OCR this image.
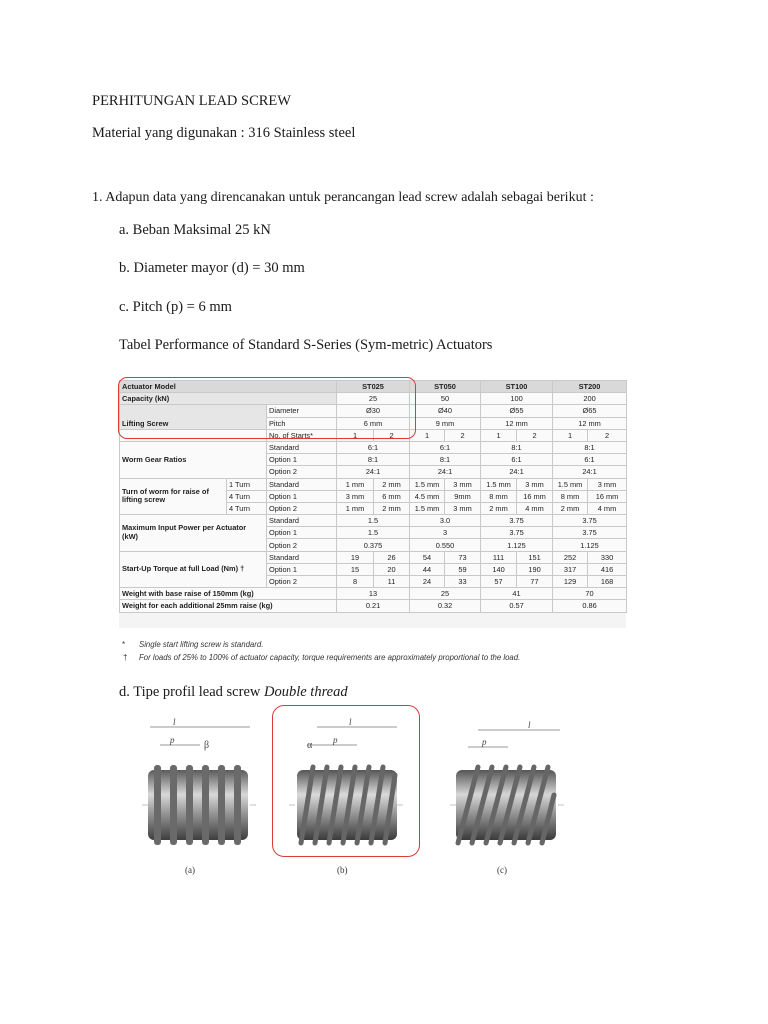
PERHITUNGAN LEAD SCREW
Material yang digunakan : 316 Stainless steel
1. Adapun data yang direncanakan untuk perancangan lead screw adalah sebagai berikut :
a. Beban Maksimal 25 kN
b. Diameter mayor (d) = 30 mm
c. Pitch (p) = 6 mm
Tabel Performance of Standard S-Series (Sym-metric) Actuators
Actuator Model			ST025		ST050		ST100		ST200	
Capacity (kN)			25		50		100		200	
Lifting Screw		Diameter	Ø30		Ø40		Ø55		Ø65	
		Pitch	6 mm		9 mm		12 mm		12 mm	
		No. of Starts*	1	2	1	2	1	2	1	2
Worm Gear Ratios		Standard	6:1		6:1		8:1		8:1	
		Option 1	8:1		8:1		6:1		6:1	
		Option 2	24:1		24:1		24:1		24:1	
Turn of worm for raise of lifting screw	1 Turn	Standard	1 mm	2 mm	1.5 mm	3 mm	1.5 mm	3 mm	1.5 mm	3 mm
	4 Turn	Option 1	3 mm	6 mm	4.5 mm	9mm	8 mm	16 mm	8 mm	16 mm
	4 Turn	Option 2	1 mm	2 mm	1.5 mm	3 mm	2 mm	4 mm	2 mm	4 mm
Maximum Input Power per Actuator (kW)		Standard	1.5		3.0		3.75		3.75	
		Option 1	1.5		3		3.75		3.75	
		Option 2	0.375		0.550		1.125		1.125	
Start-Up Torque at full Load (Nm) †		Standard	19	26	54	73	111	151	252	330
		Option 1	15	20	44	59	140	190	317	416
		Option 2	8	11	24	33	57	77	129	168
Weight with base raise of 150mm (kg)			13		25		41		70	
Weight for each additional 25mm raise (kg)			0.21		0.32		0.57		0.86	
* Single start lifting screw is standard.
† For loads of 25% to 100% of actuator capacity, torque requirements are approximately proportional to the load.
d. Tipe profil lead screw Double thread
l
p	β
(a)
α
l
p
(b)
l
p
(c)
